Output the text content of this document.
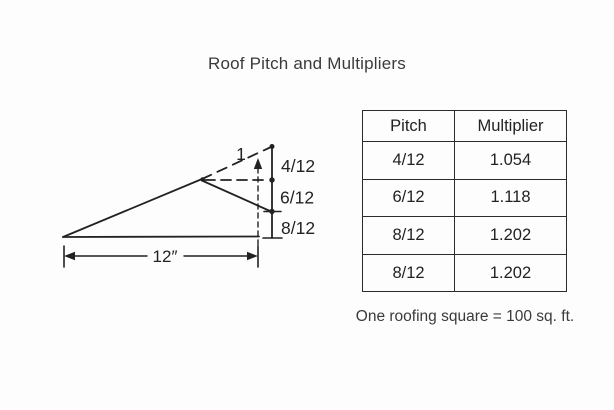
Roof Pitch and Multipliers
1
4/12
6/12
8/12
12″
Pitch	Multiplier
4/12	1.054
6/12	1.118
8/12	1.202
8/12	1.202
One roofing square = 100 sq. ft.
